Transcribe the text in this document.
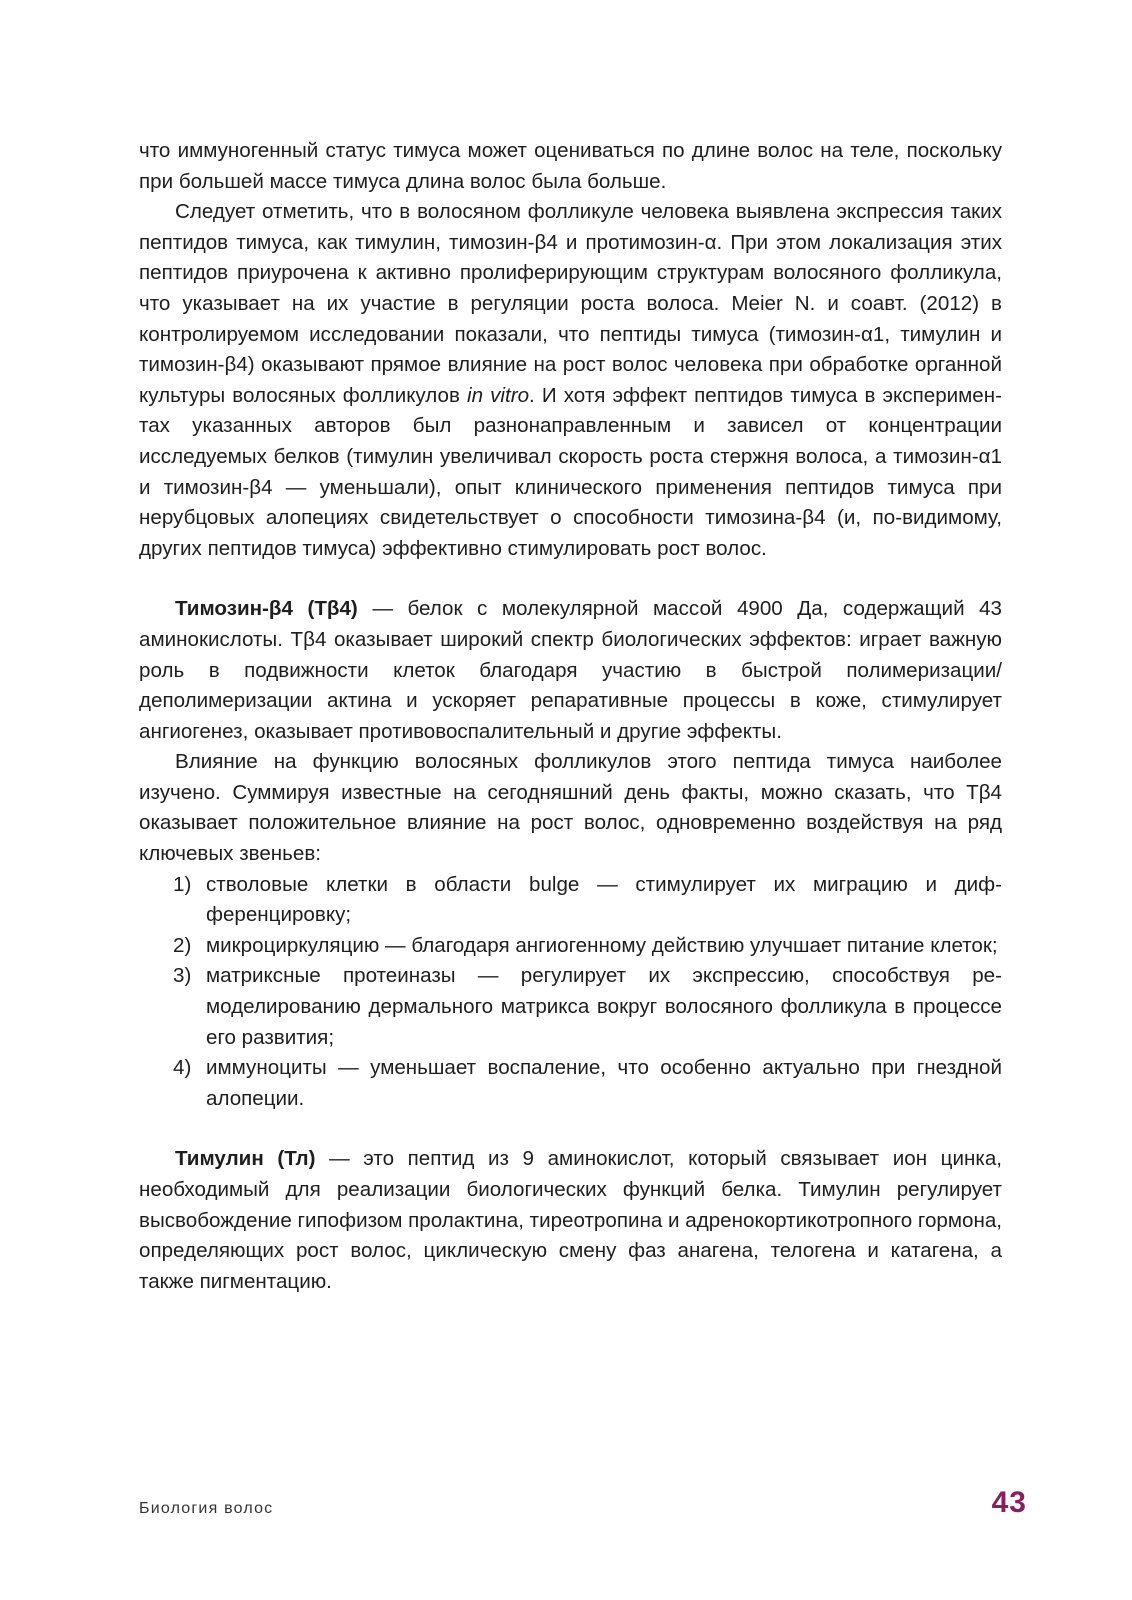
что иммуногенный статус тимуса может оцениваться по длине волос на теле, поскольку при большей массе тимуса длина волос была больше.

Следует отметить, что в волосяном фолликуле человека выявлена экспрессия таких пептидов тимуса, как тимулин, тимозин-β4 и протимозин-α. При этом локализация этих пептидов приурочена к активно пролиферирующим структурам волосяного фолликула, что указывает на их участие в регуляции роста волоса. Meier N. и соавт. (2012) в контролируемом исследовании показали, что пептиды тимуса (тимозин-α1, тимулин и тимозин-β4) оказывают прямое влияние на рост волос человека при обработке органной культуры волосяных фолликулов in vitro. И хотя эффект пептидов тимуса в экспериментах указанных авторов был разнонаправленным и зависел от концентрации исследуемых белков (тимулин увеличивал скорость роста стержня волоса, а тимозин-α1 и тимозин-β4 — уменьшали), опыт клинического применения пептидов тимуса при нерубцовых алопециях свидетельствует о способности тимозина-β4 (и, по-видимому, других пептидов тимуса) эффективно стимулировать рост волос.

Тимозин-β4 (Tβ4) — белок с молекулярной массой 4900 Да, содержащий 43 аминокислоты. Tβ4 оказывает широкий спектр биологических эффектов: играет важную роль в подвижности клеток благодаря участию в быстрой полимеризации/деполимеризации актина и ускоряет репаративные процессы в коже, стимулирует ангиогенез, оказывает противовоспалительный и другие эффекты.

Влияние на функцию волосяных фолликулов этого пептида тимуса наиболее изучено. Суммируя известные на сегодняшний день факты, можно сказать, что Tβ4 оказывает положительное влияние на рост волос, одновременно воздействуя на ряд ключевых звеньев:

1) стволовые клетки в области bulge — стимулирует их миграцию и дифференцировку;
2) микроциркуляцию — благодаря ангиогенному действию улучшает питание клеток;
3) матриксные протеиназы — регулирует их экспрессию, способствуя ремоделированию дермального матрикса вокруг волосяного фолликула в процессе его развития;
4) иммуноциты — уменьшает воспаление, что особенно актуально при гнездной алопеции.

Тимулин (Тл) — это пептид из 9 аминокислот, который связывает ион цинка, необходимый для реализации биологических функций белка. Тимулин регулирует высвобождение гипофизом пролактина, тиреотропина и адренокортикотропного гормона, определяющих рост волос, циклическую смену фаз анагена, телогена и катагена, а также пигментацию.

Биология волос	43
